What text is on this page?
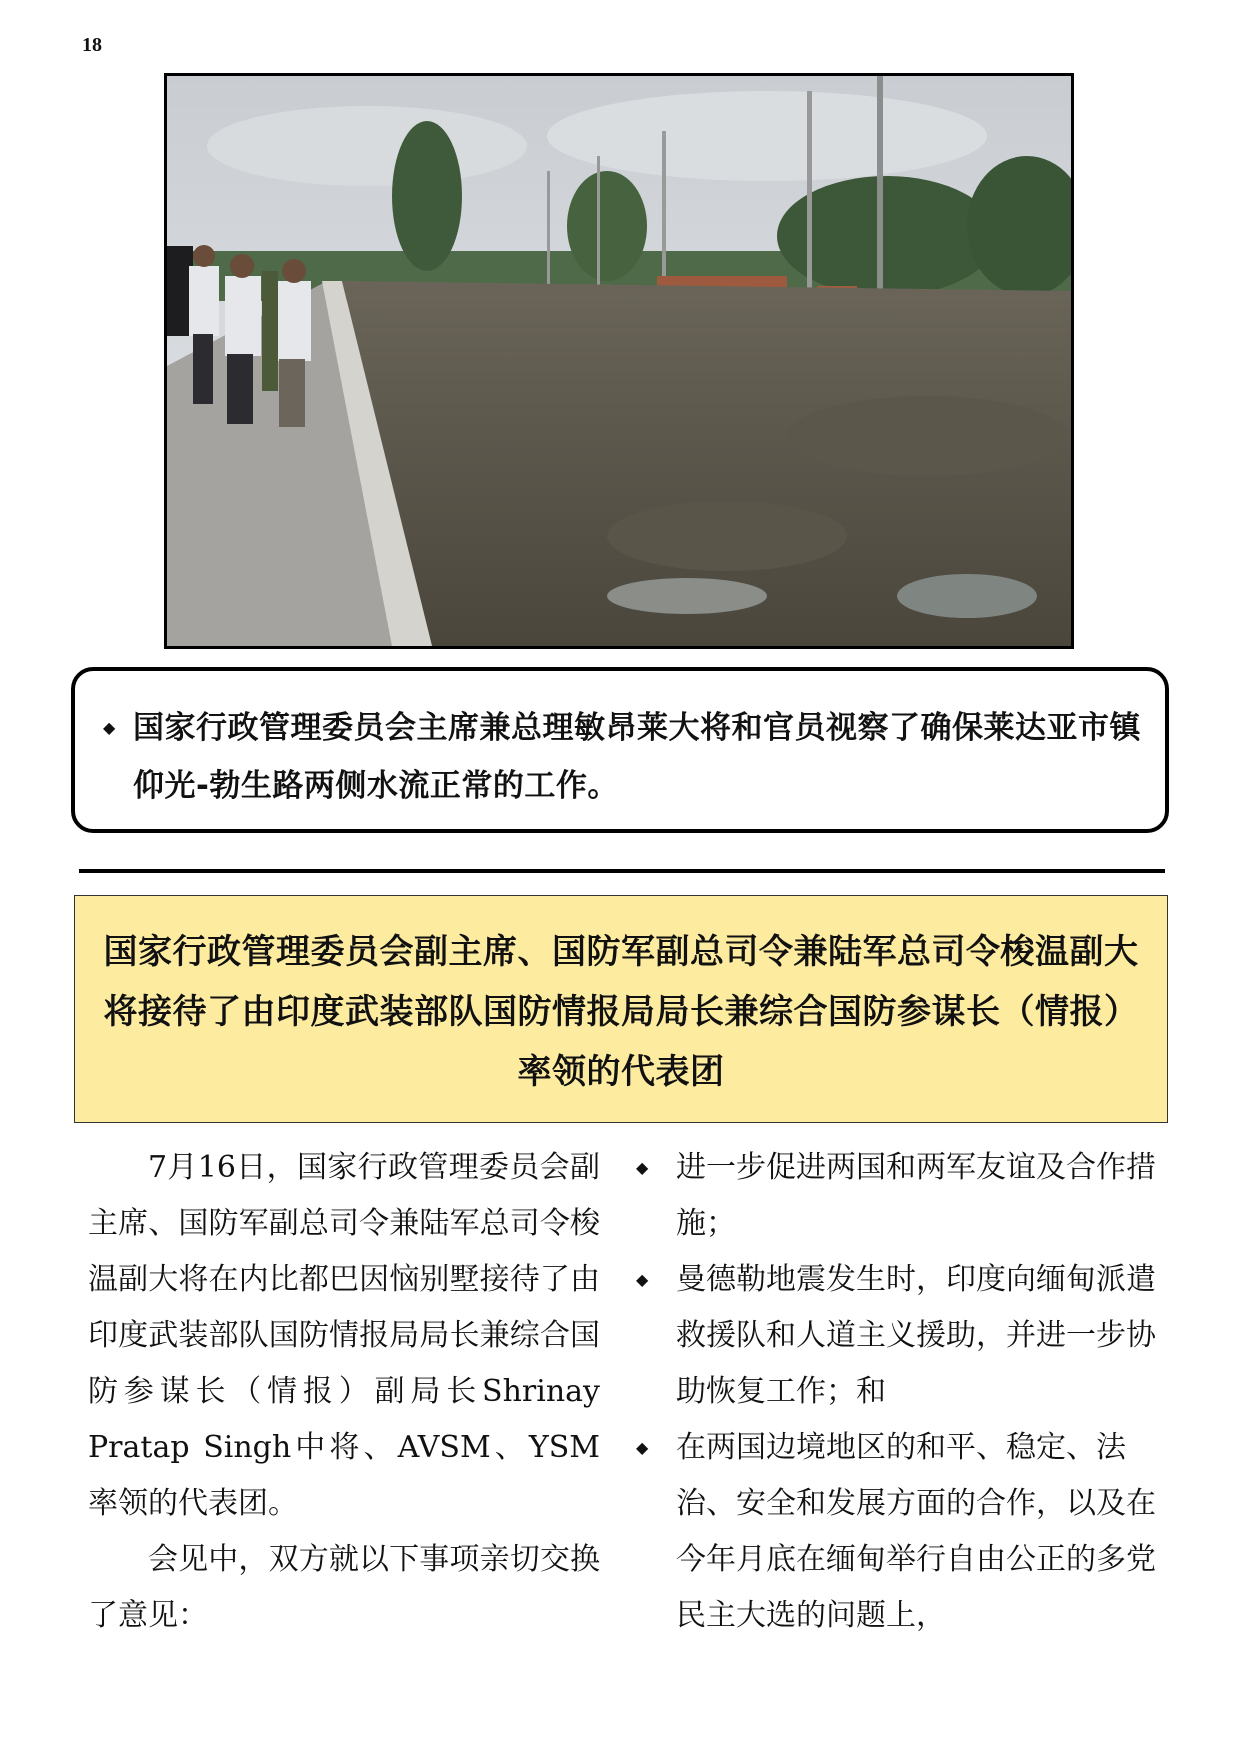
18
◆ 国家行政管理委员会主席兼总理敏昂莱大将和官员视察了确保莱达亚市镇仰光-勃生路两侧水流正常的工作。
国家行政管理委员会副主席、国防军副总司令兼陆军总司令梭温副大将接待了由印度武装部队国防情报局局长兼综合国防参谋长（情报）率领的代表团

7月16日，国家行政管理委员会副主席、国防军副总司令兼陆军总司令梭温副大将在内比都巴因恼别墅接待了由印度武装部队国防情报局局长兼综合国防参谋长（情报）副局长Shrinay Pratap Singh中将、AVSM、YSM率领的代表团。

会见中，双方就以下事项亲切交换了意见：

◆ 进一步促进两国和两军友谊及合作措施；
◆ 曼德勒地震发生时，印度向缅甸派遣救援队和人道主义援助，并进一步协助恢复工作；和
◆ 在两国边境地区的和平、稳定、法治、安全和发展方面的合作，以及在今年月底在缅甸举行自由公正的多党民主大选的问题上，
